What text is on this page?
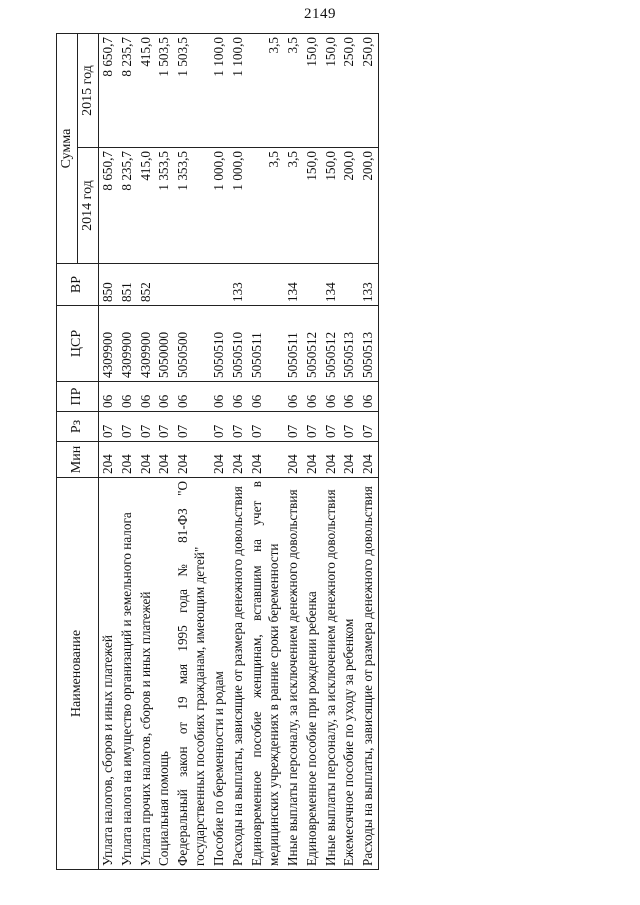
2149
Наименование	Мин	Рз	ПР	ЦСР	ВР	Сумма	
						2014 год	2015 год
Уплата налогов, сборов и иных платежей	204	07	06	4309900	850	8 650,7	8 650,7
Уплата налога на имущество организаций и земельного налога	204	07	06	4309900	851	8 235,7	8 235,7
Уплата прочих налогов, сборов и иных платежей	204	07	06	4309900	852	415,0	415,0
Социальная помощь	204	07	06	5050000		1 353,5	1 503,5
Федеральный закон от 19 мая 1995 года № 81-ФЗ "О государственных пособиях гражданам, имеющим детей"	204	07	06	5050500		1 353,5	1 503,5
Пособие по беременности и родам	204	07	06	5050510		1 000,0	1 100,0
Расходы на выплаты, зависящие от размера денежного довольствия	204	07	06	5050510	133	1 000,0	1 100,0
Единовременное пособие женщинам, вставшим на учет в медицинских учреждениях в ранние сроки беременности	204	07	06	5050511		3,5	3,5
Иные выплаты персоналу, за исключением денежного довольствия	204	07	06	5050511	134	3,5	3,5
Единовременное пособие при рождении ребенка	204	07	06	5050512		150,0	150,0
Иные выплаты персоналу, за исключением денежного довольствия	204	07	06	5050512	134	150,0	150,0
Ежемесячное пособие по уходу за ребенком	204	07	06	5050513		200,0	250,0
Расходы на выплаты, зависящие от размера денежного довольствия	204	07	06	5050513	133	200,0	250,0
